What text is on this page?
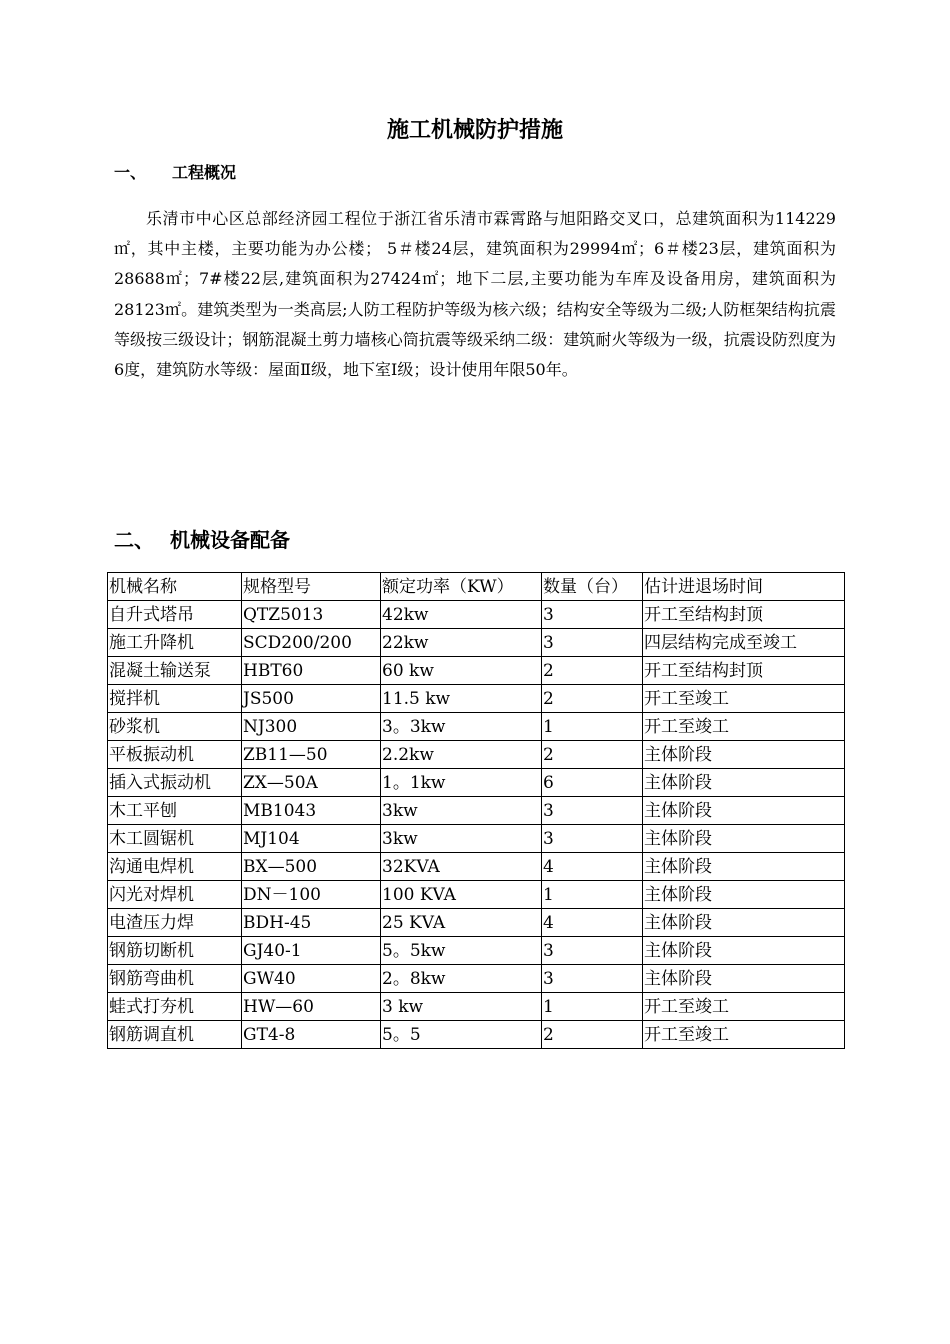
施工机械防护措施
一、 工程概况

乐清市中心区总部经济园工程位于浙江省乐清市霖霄路与旭阳路交叉口，总建筑面积为114229㎡，其中主楼，主要功能为办公楼； 5＃楼24层，建筑面积为29994㎡；6＃楼23层，建筑面积为28688㎡；7#楼22层,建筑面积为27424㎡；地下二层,主要功能为车库及设备用房，建筑面积为28123㎡。建筑类型为一类高层;人防工程防护等级为核六级；结构安全等级为二级;人防框架结构抗震等级按三级设计；钢筋混凝土剪力墙核心筒抗震等级采纳二级：建筑耐火等级为一级，抗震设防烈度为6度，建筑防水等级：屋面Ⅱ级，地下室Ⅰ级；设计使用年限50年。

二、 机械设备配备
机械名称	规格型号	额定功率（KW）	数量（台）	估计进退场时间
自升式塔吊	QTZ5013	42kw	3	开工至结构封顶
施工升降机	SCD200/200	22kw	3	四层结构完成至竣工
混凝土输送泵	HBT60	60 kw	2	开工至结构封顶
搅拌机	JS500	11.5 kw	2	开工至竣工
砂浆机	NJ300	3。3kw	1	开工至竣工
平板振动机	ZB11—50	2.2kw	2	主体阶段
插入式振动机	ZX—50A	1。1kw	6	主体阶段
木工平刨	MB1043	3kw	3	主体阶段
木工圆锯机	MJ104	3kw	3	主体阶段
沟通电焊机	BX—500	32KVA	4	主体阶段
闪光对焊机	DN－100	100 KVA	1	主体阶段
电渣压力焊	BDH-45	25 KVA	4	主体阶段
钢筋切断机	GJ40-1	5。5kw	3	主体阶段
钢筋弯曲机	GW40	2。8kw	3	主体阶段
蛙式打夯机	HW—60	3 kw	1	开工至竣工
钢筋调直机	GT4-8	5。5	2	开工至竣工
